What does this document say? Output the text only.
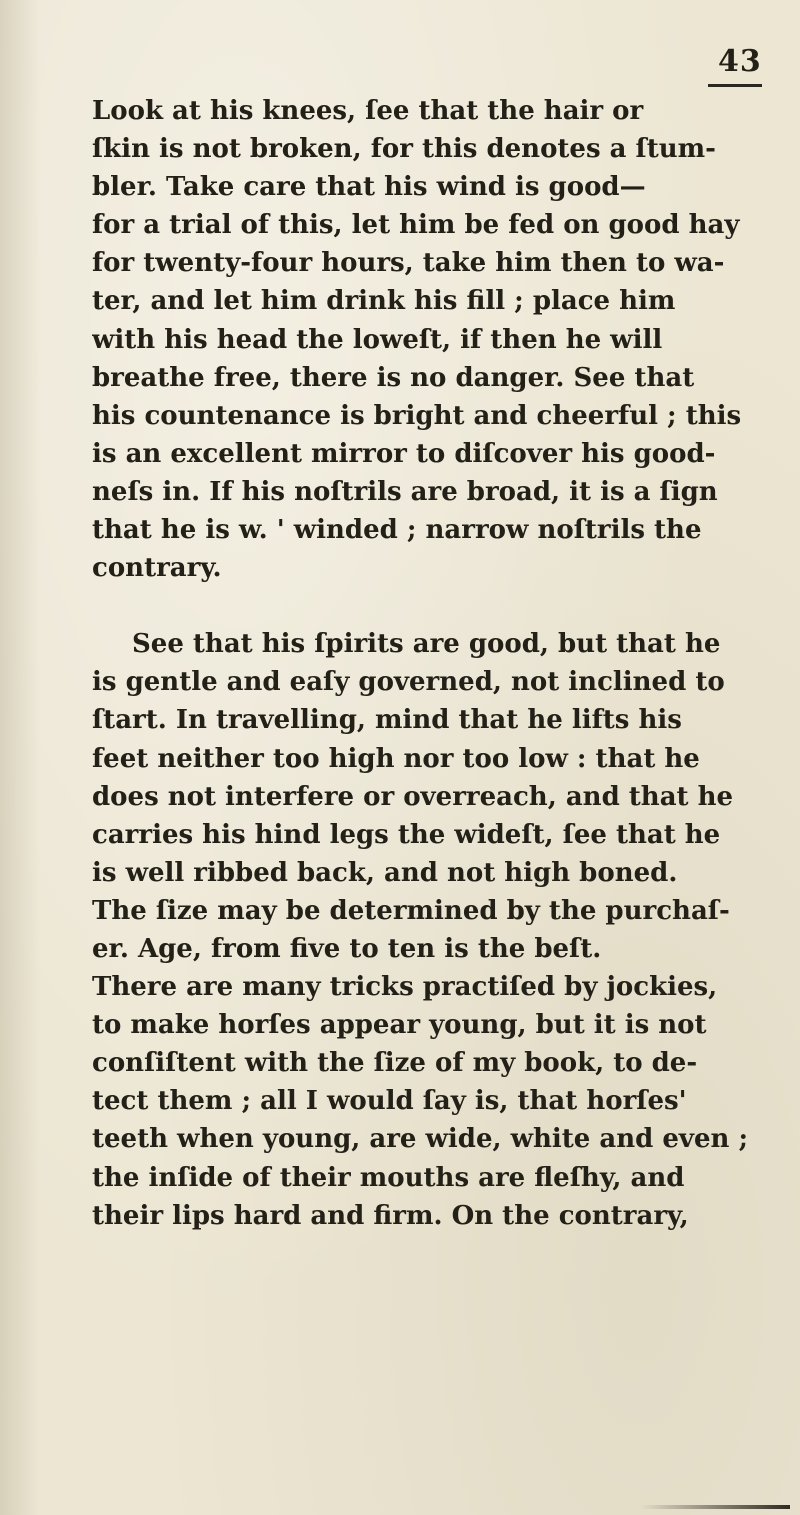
43

Look at his knees, ſee that the hair or
ſkin is not broken, for this denotes a ſtum-
bler. Take care that his wind is good—
for a trial of this, let him be fed on good hay
for twenty-four hours, take him then to wa-
ter, and let him drink his fill ; place him
with his head the loweſt, if then he will
breathe free, there is no danger. See that
his countenance is bright and cheerful ; this
is an excellent mirror to diſcover his good-
neſs in. If his noſtrils are broad, it is a ſign
that he is w. ' winded ; narrow noſtrils the
contrary.

See that his ſpirits are good, but that he
is gentle and eaſy governed, not inclined to
ſtart. In travelling, mind that he lifts his
feet neither too high nor too low : that he
does not interfere or overreach, and that he
carries his hind legs the wideſt, ſee that he
is well ribbed back, and not high boned.
The ſize may be determined by the purchaſ-
er. Age, from five to ten is the beſt.
There are many tricks practiſed by jockies,
to make horſes appear young, but it is not
conſiſtent with the ſize of my book, to de-
tect them ; all I would ſay is, that horſes'
teeth when young, are wide, white and even ;
the inſide of their mouths are fleſhy, and
their lips hard and firm. On the contrary,
